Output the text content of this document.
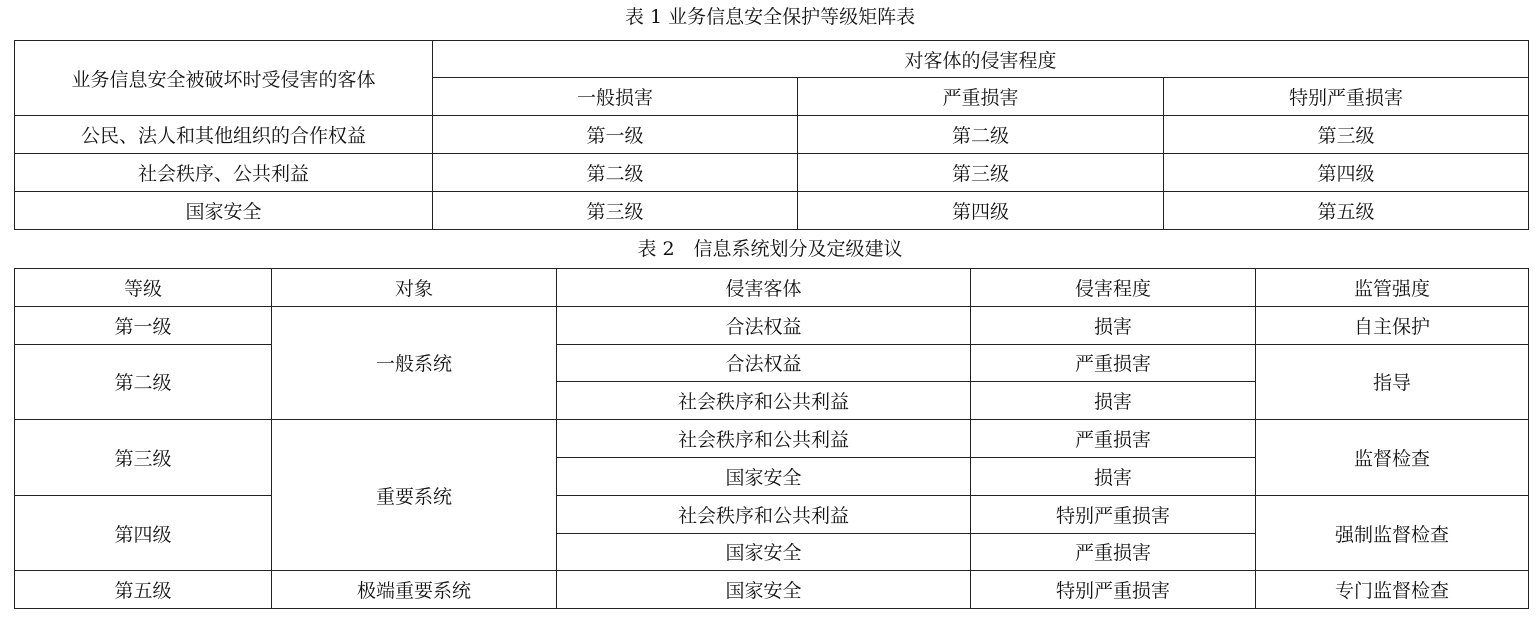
表 1 业务信息安全保护等级矩阵表
业务信息安全被破坏时受侵害的客体	对客体的侵害程度		
	一般损害	严重损害	特别严重损害
公民、法人和其他组织的合作权益	第一级	第二级	第三级
社会秩序、公共利益	第二级	第三级	第四级
国家安全	第三级	第四级	第五级
表 2　信息系统划分及定级建议
等级	对象	侵害客体	侵害程度	监管强度
第一级	一般系统	合法权益	损害	自主保护
第二级		合法权益	严重损害	指导
		社会秩序和公共利益	损害	
第三级	重要系统	社会秩序和公共利益	严重损害	监督检查
		国家安全	损害	
第四级		社会秩序和公共利益	特别严重损害	强制监督检查
		国家安全	严重损害	
第五级	极端重要系统	国家安全	特别严重损害	专门监督检查
